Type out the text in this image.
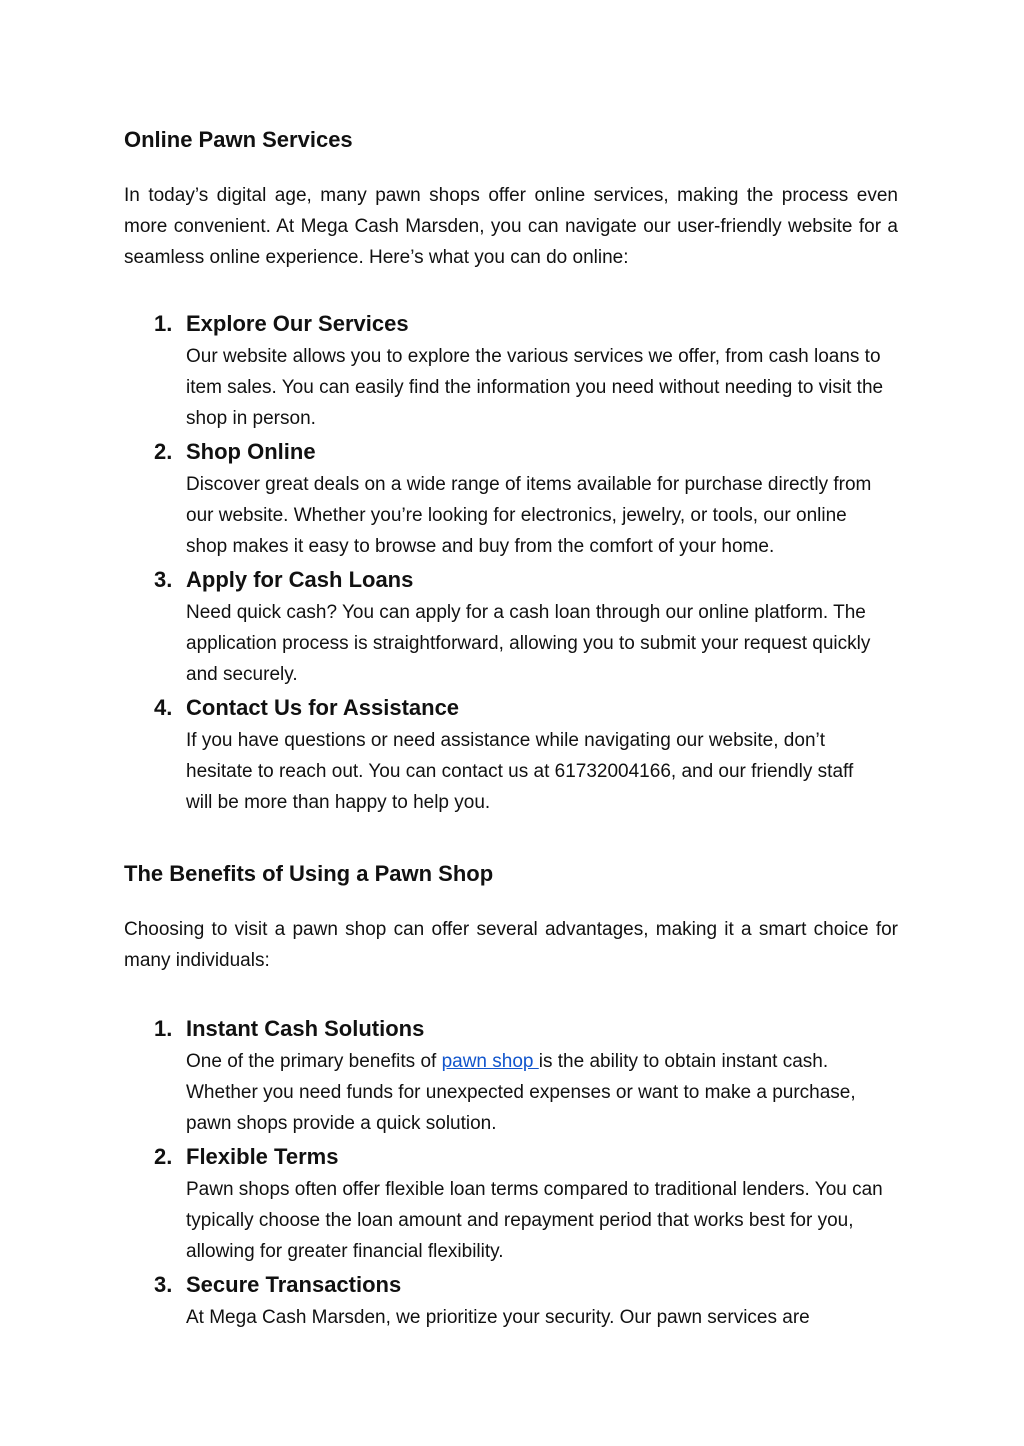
Online Pawn Services

In today’s digital age, many pawn shops offer online services, making the process even more convenient. At Mega Cash Marsden, you can navigate our user-friendly website for a seamless online experience. Here’s what you can do online:

1. Explore Our Services
Our website allows you to explore the various services we offer, from cash loans to item sales. You can easily find the information you need without needing to visit the shop in person.
2. Shop Online
Discover great deals on a wide range of items available for purchase directly from our website. Whether you’re looking for electronics, jewelry, or tools, our online shop makes it easy to browse and buy from the comfort of your home.
3. Apply for Cash Loans
Need quick cash? You can apply for a cash loan through our online platform. The application process is straightforward, allowing you to submit your request quickly and securely.
4. Contact Us for Assistance
If you have questions or need assistance while navigating our website, don’t hesitate to reach out. You can contact us at 61732004166, and our friendly staff will be more than happy to help you.
The Benefits of Using a Pawn Shop

Choosing to visit a pawn shop can offer several advantages, making it a smart choice for many individuals:

1. Instant Cash Solutions
One of the primary benefits of pawn shop is the ability to obtain instant cash. Whether you need funds for unexpected expenses or want to make a purchase, pawn shops provide a quick solution.
2. Flexible Terms
Pawn shops often offer flexible loan terms compared to traditional lenders. You can typically choose the loan amount and repayment period that works best for you, allowing for greater financial flexibility.
3. Secure Transactions
At Mega Cash Marsden, we prioritize your security. Our pawn services are
